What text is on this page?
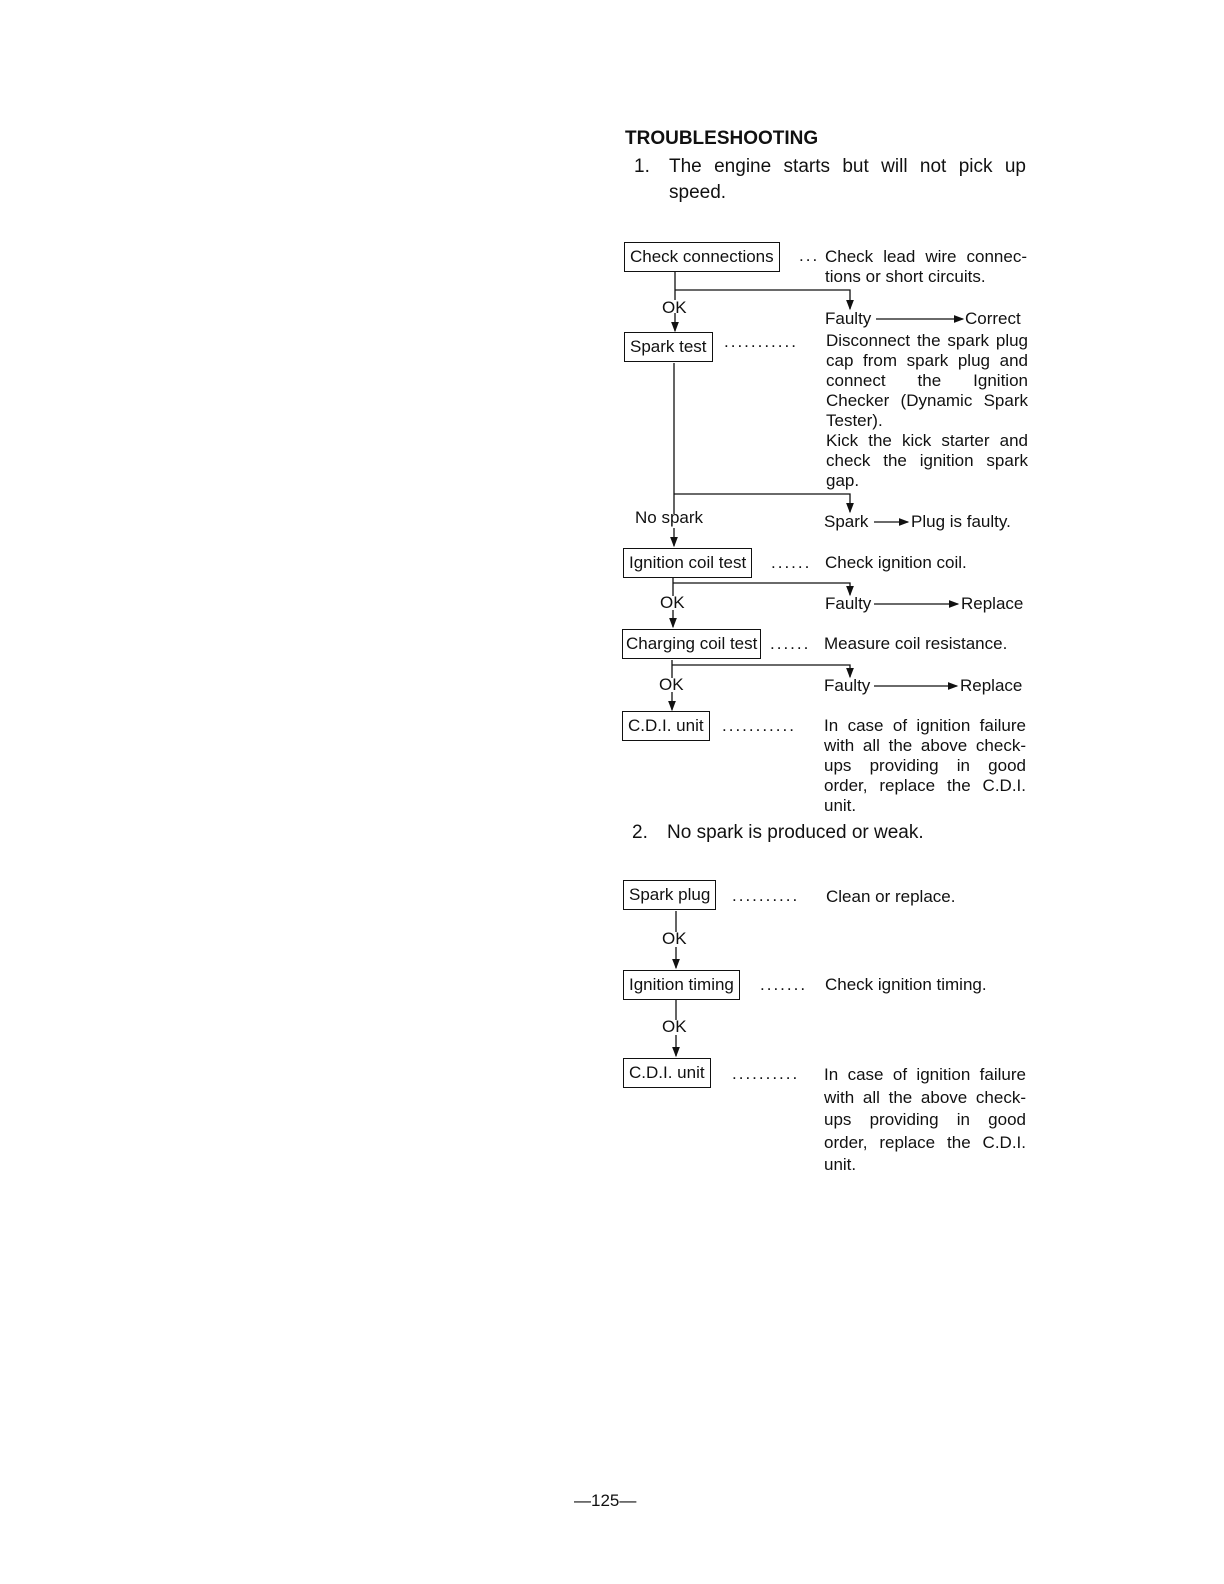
TROUBLESHOOTING
1. The engine starts but will not pick up
speed.
Check connections	... Check lead wire connec-
tions or short circuits.
OK
Faulty	Correct
Spark test	........... Disconnect the spark plug
cap from spark plug and
connect the Ignition
Checker (Dynamic Spark
Tester).
Kick the kick starter and
check the ignition spark
gap.
No spark	Spark	Plug is faulty.
Ignition coil test	...... Check ignition coil.
OK	Faulty	Replace
Charging coil test ...... Measure coil resistance.
OK	Faulty	Replace
C.D.I. unit	........... In case of ignition failure
with all the above check-
ups providing in good
order, replace the C.D.I.
unit.
2. No spark is produced or weak.
Spark plug	.......... Clean or replace.
OK
Ignition timing	....... Check ignition timing.
OK
C.D.I. unit	.......... In case of ignition failure
with all the above check-
ups providing in good
order, replace the C.D.I.
unit.
—125—
